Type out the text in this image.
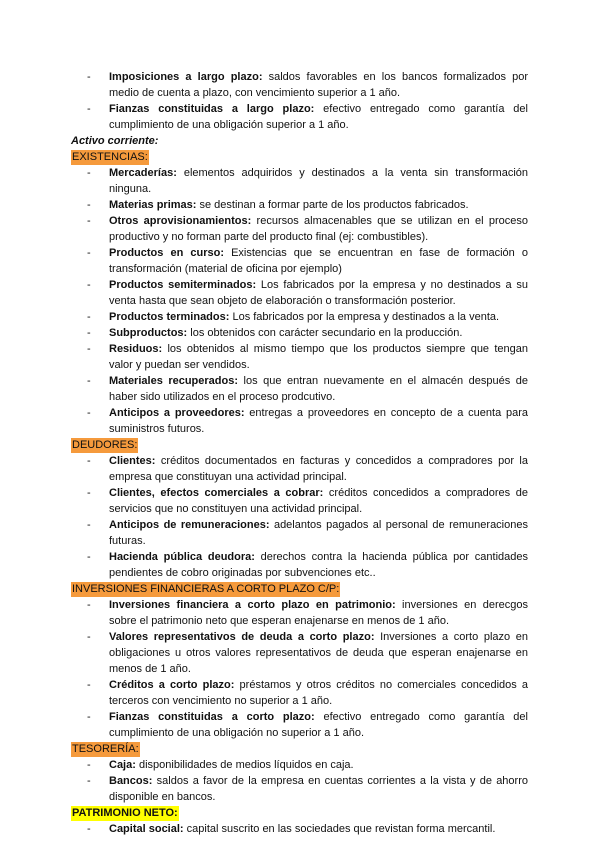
- Imposiciones a largo plazo: saldos favorables en los bancos formalizados por medio de cuenta a plazo, con vencimiento superior a 1 año.
- Fianzas constituidas a largo plazo: efectivo entregado como garantía del cumplimiento de una obligación superior a 1 año.
Activo corriente:
EXISTENCIAS:
- Mercaderías: elementos adquiridos y destinados a la venta sin transformación ninguna.
- Materias primas: se destinan a formar parte de los productos fabricados.
- Otros aprovisionamientos: recursos almacenables que se utilizan en el proceso productivo y no forman parte del producto final (ej: combustibles).
- Productos en curso: Existencias que se encuentran en fase de formación o transformación (material de oficina por ejemplo)
- Productos semiterminados: Los fabricados por la empresa y no destinados a su venta hasta que sean objeto de elaboración o transformación posterior.
- Productos terminados: Los fabricados por la empresa y destinados a la venta.
- Subproductos: los obtenidos con carácter secundario en la producción.
- Residuos: los obtenidos al mismo tiempo que los productos siempre que tengan valor y puedan ser vendidos.
- Materiales recuperados: los que entran nuevamente en el almacén después de haber sido utilizados en el proceso prodcutivo.
- Anticipos a proveedores: entregas a proveedores en concepto de a cuenta para suministros futuros.
DEUDORES:
- Clientes: créditos documentados en facturas y concedidos a compradores por la empresa que constituyan una actividad principal.
- Clientes, efectos comerciales a cobrar: créditos concedidos a compradores de servicios que no constituyen una actividad principal.
- Anticipos de remuneraciones: adelantos pagados al personal de remuneraciones futuras.
- Hacienda pública deudora: derechos contra la hacienda pública por cantidades pendientes de cobro originadas por subvenciones etc..
INVERSIONES FINANCIERAS A CORTO PLAZO C/P:
- Inversiones financiera a corto plazo en patrimonio: inversiones en derecgos sobre el patrimonio neto que esperan enajenarse en menos de 1 año.
- Valores representativos de deuda a corto plazo: Inversiones a corto plazo en obligaciones u otros valores representativos de deuda que esperan enajenarse en menos de 1 año.
- Créditos a corto plazo: préstamos y otros créditos no comerciales concedidos a terceros con vencimiento no superior a 1 año.
- Fianzas constituidas a corto plazo: efectivo entregado como garantía del cumplimiento de una obligación no superior a 1 año.
TESORERÍA:
- Caja: disponibilidades de medios líquidos en caja.
- Bancos: saldos a favor de la empresa en cuentas corrientes a la vista y de ahorro disponible en bancos.
PATRIMONIO NETO:
- Capital social: capital suscrito en las sociedades que revistan forma mercantil.
